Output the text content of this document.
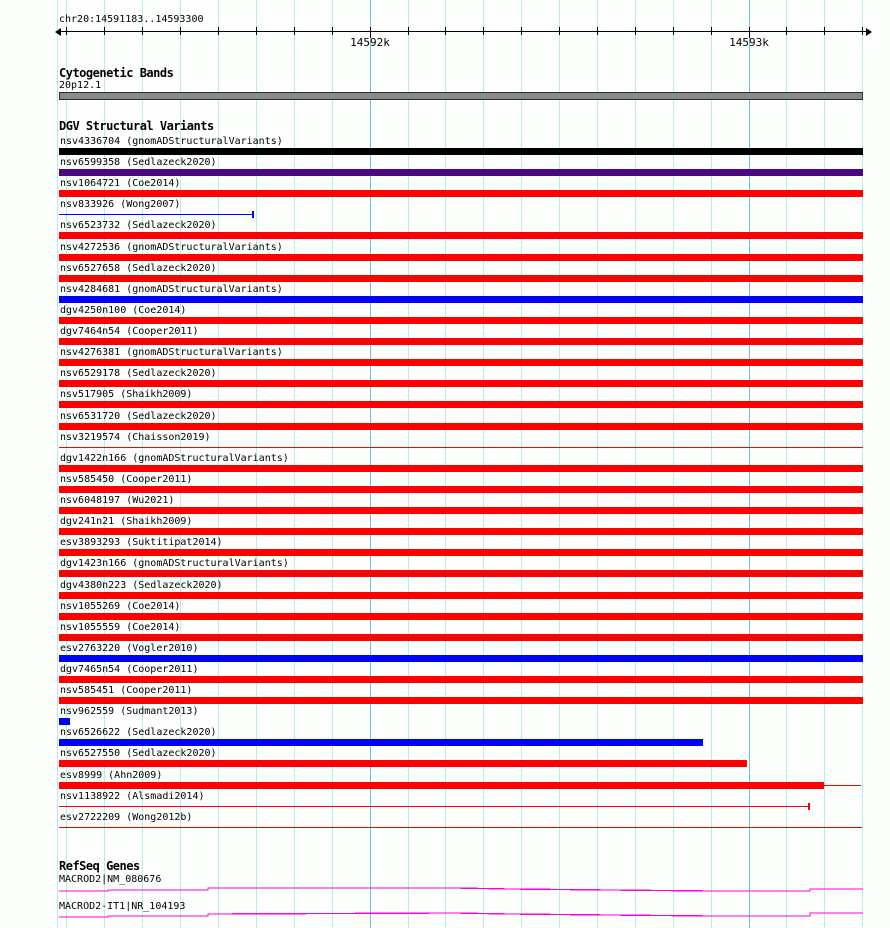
chr20:14591183..14593300
14592k	14593k
Cytogenetic Bands
20p12.1
DGV Structural Variants
nsv4336704 (gnomADStructuralVariants)
nsv6599358 (Sedlazeck2020)
nsv1064721 (Coe2014)
nsv833926 (Wong2007)
nsv6523732 (Sedlazeck2020)
nsv4272536 (gnomADStructuralVariants)
nsv6527658 (Sedlazeck2020)
nsv4284681 (gnomADStructuralVariants)
dgv4250n100 (Coe2014)
dgv7464n54 (Cooper2011)
nsv4276381 (gnomADStructuralVariants)
nsv6529178 (Sedlazeck2020)
nsv517905 (Shaikh2009)
nsv6531720 (Sedlazeck2020)
nsv3219574 (Chaisson2019)
dgv1422n166 (gnomADStructuralVariants)
nsv585450 (Cooper2011)
nsv6048197 (Wu2021)
dgv241n21 (Shaikh2009)
esv3893293 (Suktitipat2014)
dgv1423n166 (gnomADStructuralVariants)
dgv4380n223 (Sedlazeck2020)
nsv1055269 (Coe2014)
nsv1055559 (Coe2014)
esv2763220 (Vogler2010)
dgv7465n54 (Cooper2011)
nsv585451 (Cooper2011)
nsv962559 (Sudmant2013)
nsv6526622 (Sedlazeck2020)
nsv6527550 (Sedlazeck2020)
esv8999 (Ahn2009)
nsv1138922 (Alsmadi2014)
esv2722209 (Wong2012b)
RefSeq Genes
MACROD2|NM_080676
MACROD2-IT1|NR_104193
